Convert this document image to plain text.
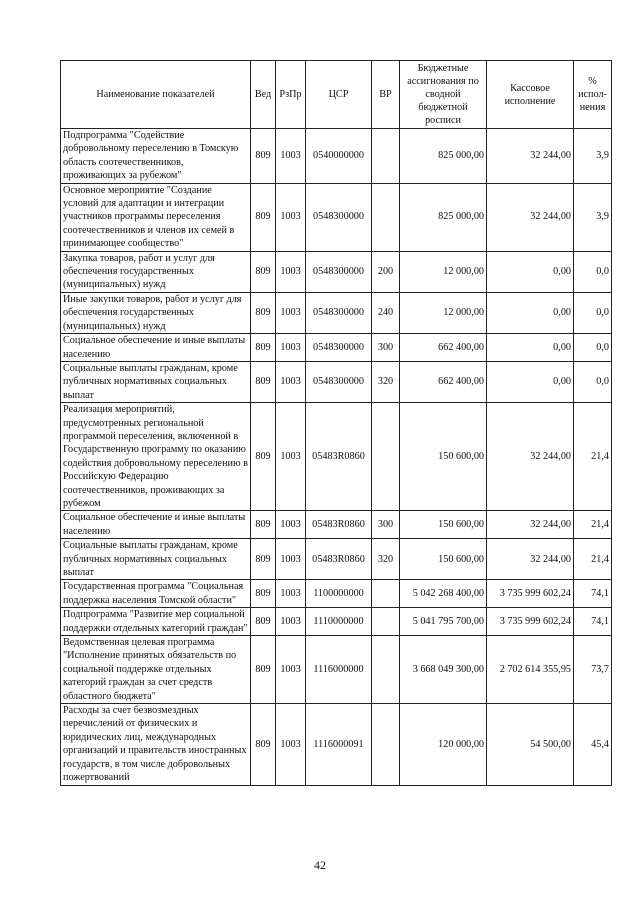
Наименование показателей	Вед	РзПр	ЦСР	ВР	Бюджетные ассигнования по сводной бюджетной росписи	Кассовое исполнение	% испол-нения
Подпрограмма "Содействие добровольному переселению в Томскую область соотечественников, проживающих за рубежом"	809	1003	0540000000		825 000,00	32 244,00	3,9
Основное мероприятие "Создание условий для адаптации и интеграции участников программы переселения соотечественников и членов их семей в принимающее сообщество"	809	1003	0548300000		825 000,00	32 244,00	3,9
Закупка товаров, работ и услуг для обеспечения государственных (муниципальных) нужд	809	1003	0548300000	200	12 000,00	0,00	0,0
Иные закупки товаров, работ и услуг для обеспечения государственных (муниципальных) нужд	809	1003	0548300000	240	12 000,00	0,00	0,0
Социальное обеспечение и иные выплаты населению	809	1003	0548300000	300	662 400,00	0,00	0,0
Социальные выплаты гражданам, кроме публичных нормативных социальных выплат	809	1003	0548300000	320	662 400,00	0,00	0,0
Реализация мероприятий, предусмотренных региональной программой переселения, включенной в Государственную программу по оказанию содействия добровольному переселению в Российскую Федерацию соотечественников, проживающих за рубежом	809	1003	05483R0860		150 600,00	32 244,00	21,4
Социальное обеспечение и иные выплаты населению	809	1003	05483R0860	300	150 600,00	32 244,00	21,4
Социальные выплаты гражданам, кроме публичных нормативных социальных выплат	809	1003	05483R0860	320	150 600,00	32 244,00	21,4
Государственная программа "Социальная поддержка населения Томской области"	809	1003	1100000000		5 042 268 400,00	3 735 999 602,24	74,1
Подпрограмма "Развитие мер социальной поддержки отдельных категорий граждан"	809	1003	1110000000		5 041 795 700,00	3 735 999 602,24	74,1
Ведомственная целевая программа "Исполнение принятых обязательств по социальной поддержке отдельных категорий граждан за счет средств областного бюджета"	809	1003	1116000000		3 668 049 300,00	2 702 614 355,95	73,7
Расходы за счет безвозмездных перечислений от физических и юридических лиц, международных организаций и правительств иностранных государств, в том числе добровольных пожертвований	809	1003	1116000091		120 000,00	54 500,00	45,4
42
